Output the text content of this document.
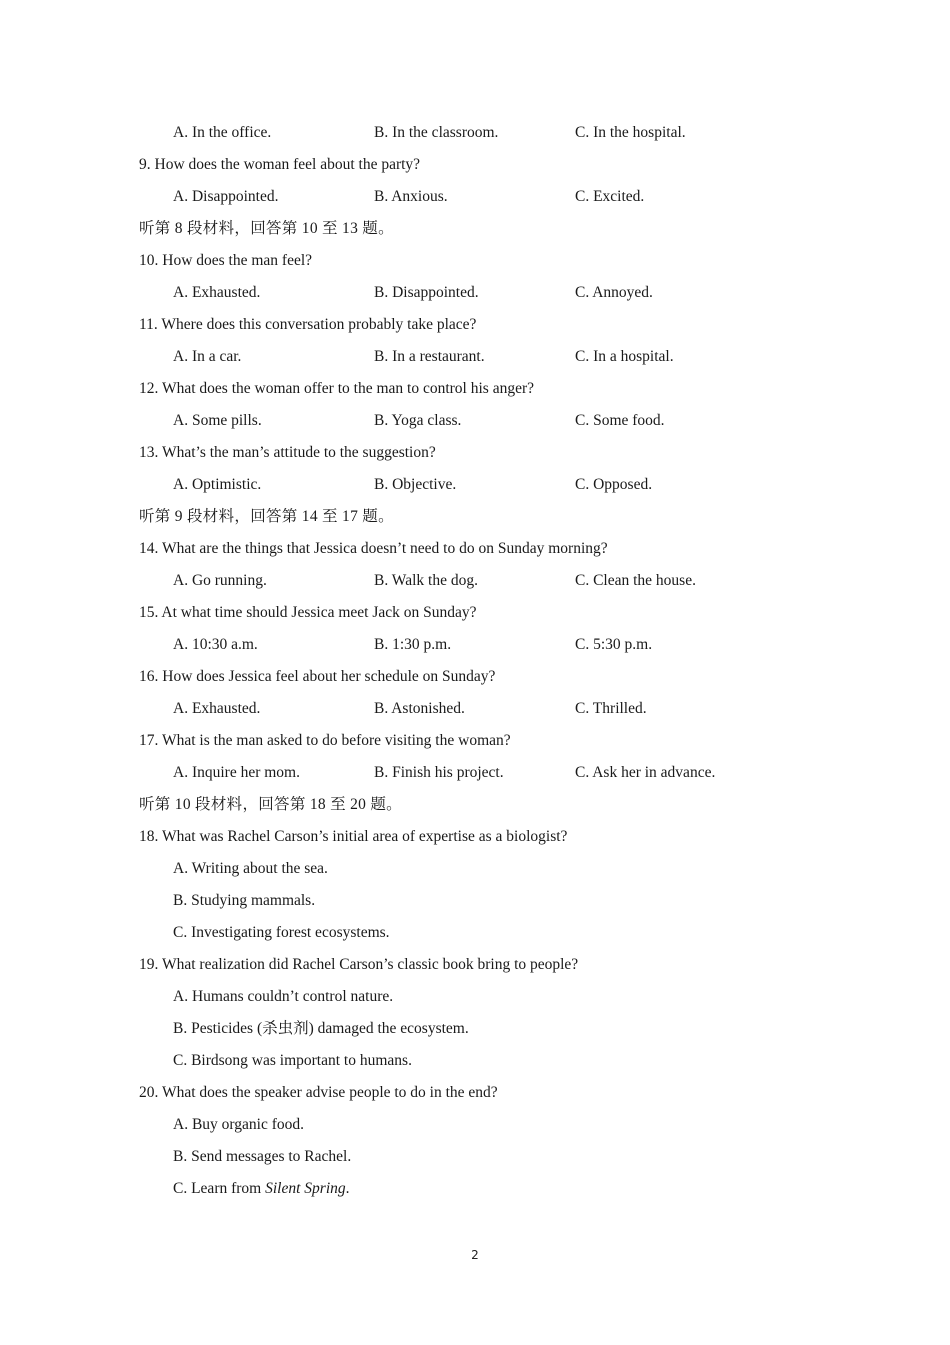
A. In the office.	B. In the classroom.	C. In the hospital.
9. How does the woman feel about the party?
A. Disappointed.	B. Anxious.	C. Excited.
听第 8 段材料，回答第 10 至 13 题。
10. How does the man feel?
A. Exhausted.	B. Disappointed.	C. Annoyed.
11. Where does this conversation probably take place?
A. In a car.	B. In a restaurant.	C. In a hospital.
12. What does the woman offer to the man to control his anger?
A. Some pills.	B. Yoga class.	C. Some food.
13. What’s the man’s attitude to the suggestion?
A. Optimistic.	B. Objective.	C. Opposed.
听第 9 段材料，回答第 14 至 17 题。
14. What are the things that Jessica doesn’t need to do on Sunday morning?
A. Go running.	B. Walk the dog.	C. Clean the house.
15. At what time should Jessica meet Jack on Sunday?
A. 10:30 a.m.	B. 1:30 p.m.	C. 5:30 p.m.
16. How does Jessica feel about her schedule on Sunday?
A. Exhausted.	B. Astonished.	C. Thrilled.
17. What is the man asked to do before visiting the woman?
A. Inquire her mom.	B. Finish his project.	C. Ask her in advance.
听第 10 段材料，回答第 18 至 20 题。
18. What was Rachel Carson’s initial area of expertise as a biologist?
A. Writing about the sea.
B. Studying mammals.
C. Investigating forest ecosystems.
19. What realization did Rachel Carson’s classic book bring to people?
A. Humans couldn’t control nature.
B. Pesticides (杀虫剂) damaged the ecosystem.
C. Birdsong was important to humans.
20. What does the speaker advise people to do in the end?
A. Buy organic food.
B. Send messages to Rachel.
C. Learn from Silent Spring.
2
